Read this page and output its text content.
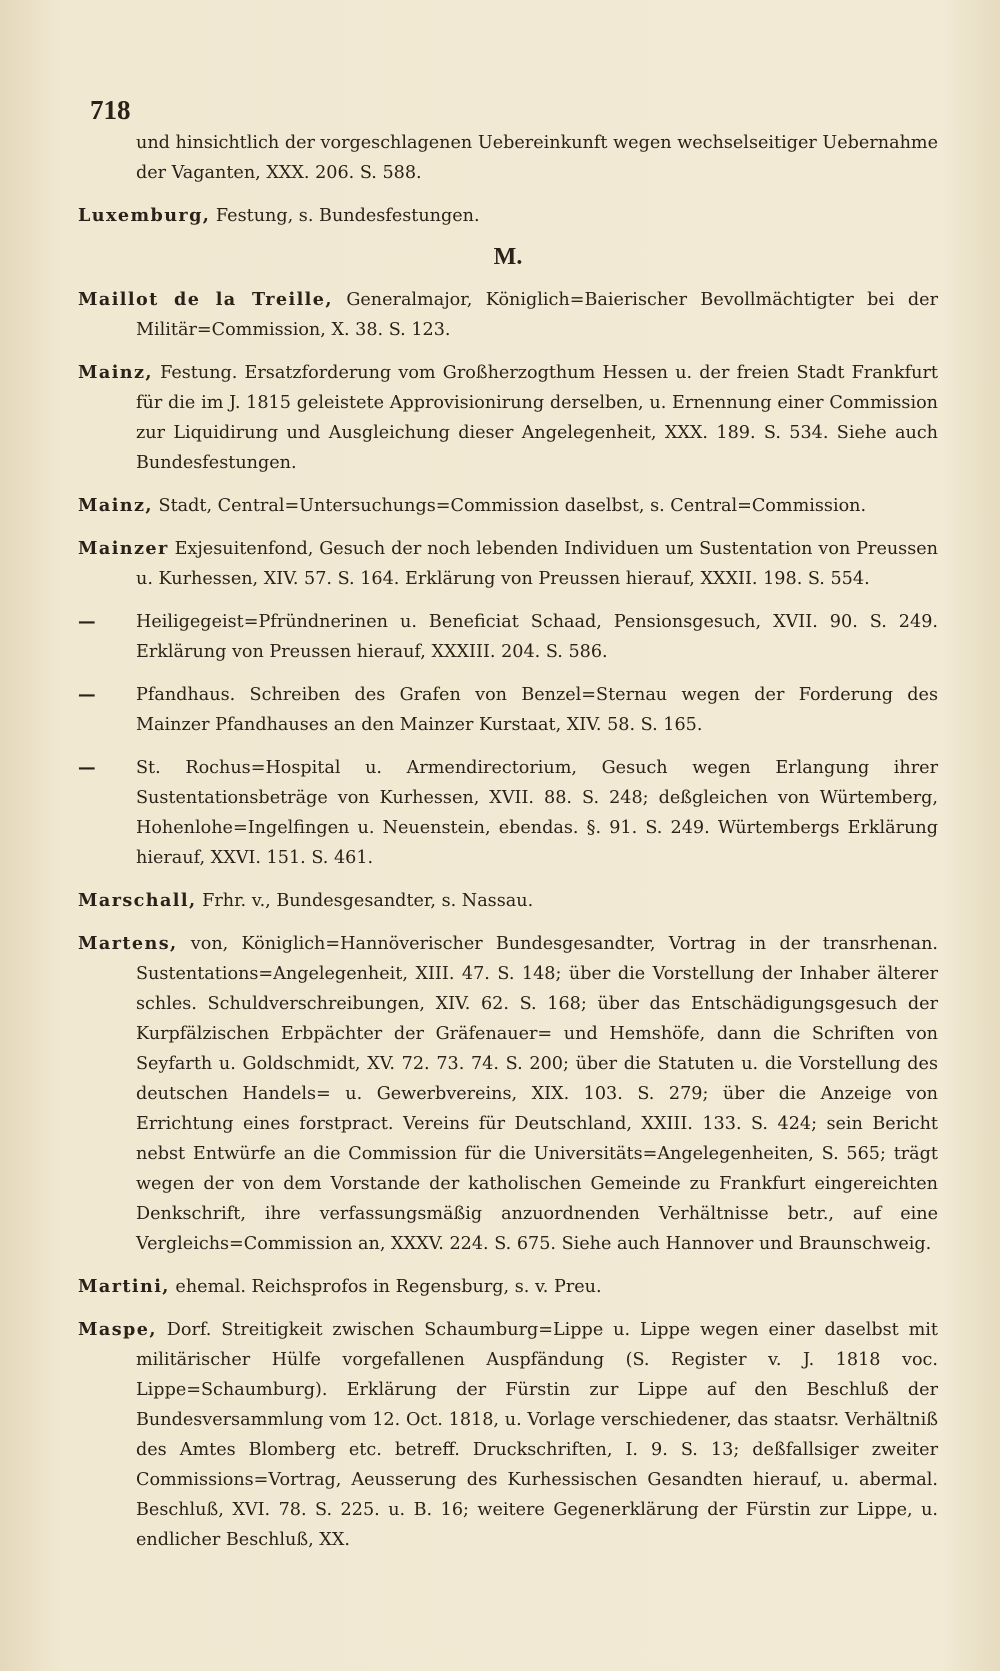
718
und hinsichtlich der vorgeschlagenen Uebereinkunft wegen wechselseitiger Uebernahme der Vaganten, XXX. 206. S. 588.
Luxemburg, Festung, s. Bundesfestungen.
M.
Maillot de la Treille, Generalmajor, Königlich=Baierischer Bevollmächtigter bei der Militär=Commission, X. 38. S. 123.
Mainz, Festung. Ersatzforderung vom Großherzogthum Hessen u. der freien Stadt Frankfurt für die im J. 1815 geleistete Approvisionirung derselben, u. Ernennung einer Commission zur Liquidirung und Ausgleichung dieser Angelegenheit, XXX. 189. S. 534. Siehe auch Bundesfestungen.
Mainz, Stadt, Central=Untersuchungs=Commission daselbst, s. Central=Commission.
Mainzer Exjesuitenfond, Gesuch der noch lebenden Individuen um Sustentation von Preussen u. Kurhessen, XIV. 57. S. 164. Erklärung von Preussen hierauf, XXXII. 198. S. 554.
— Heiligegeist=Pfründnerinen u. Beneficiat Schaad, Pensionsgesuch, XVII. 90. S. 249. Erklärung von Preussen hierauf, XXXIII. 204. S. 586.
— Pfandhaus. Schreiben des Grafen von Benzel=Sternau wegen der Forderung des Mainzer Pfandhauses an den Mainzer Kurstaat, XIV. 58. S. 165.
— St. Rochus=Hospital u. Armendirectorium, Gesuch wegen Erlangung ihrer Sustentationsbeträge von Kurhessen, XVII. 88. S. 248; deßgleichen von Würtemberg, Hohenlohe=Ingelfingen u. Neuenstein, ebendas. §. 91. S. 249. Würtembergs Erklärung hierauf, XXVI. 151. S. 461.
Marschall, Frhr. v., Bundesgesandter, s. Nassau.
Martens, von, Königlich=Hannöverischer Bundesgesandter, Vortrag in der transrhenan. Sustentations=Angelegenheit, XIII. 47. S. 148; über die Vorstellung der Inhaber älterer schles. Schuldverschreibungen, XIV. 62. S. 168; über das Entschädigungsgesuch der Kurpfälzischen Erbpächter der Gräfenauer= und Hemshöfe, dann die Schriften von Seyfarth u. Goldschmidt, XV. 72. 73. 74. S. 200; über die Statuten u. die Vorstellung des deutschen Handels= u. Gewerbvereins, XIX. 103. S. 279; über die Anzeige von Errichtung eines forstpract. Vereins für Deutschland, XXIII. 133. S. 424; sein Bericht nebst Entwürfe an die Commission für die Universitäts=Angelegenheiten, S. 565; trägt wegen der von dem Vorstande der katholischen Gemeinde zu Frankfurt eingereichten Denkschrift, ihre verfassungsmäßig anzuordnenden Verhältnisse betr., auf eine Vergleichs=Commission an, XXXV. 224. S. 675. Siehe auch Hannover und Braunschweig.
Martini, ehemal. Reichsprofos in Regensburg, s. v. Preu.
Maspe, Dorf. Streitigkeit zwischen Schaumburg=Lippe u. Lippe wegen einer daselbst mit militärischer Hülfe vorgefallenen Auspfändung (S. Register v. J. 1818 voc. Lippe=Schaumburg). Erklärung der Fürstin zur Lippe auf den Beschluß der Bundesversammlung vom 12. Oct. 1818, u. Vorlage verschiedener, das staatsr. Verhältniß des Amtes Blomberg etc. betreff. Druckschriften, I. 9. S. 13; deßfallsiger zweiter Commissions=Vortrag, Aeusserung des Kurhessischen Gesandten hierauf, u. abermal. Beschluß, XVI. 78. S. 225. u. B. 16; weitere Gegenerklärung der Fürstin zur Lippe, u. endlicher Beschluß, XX.
